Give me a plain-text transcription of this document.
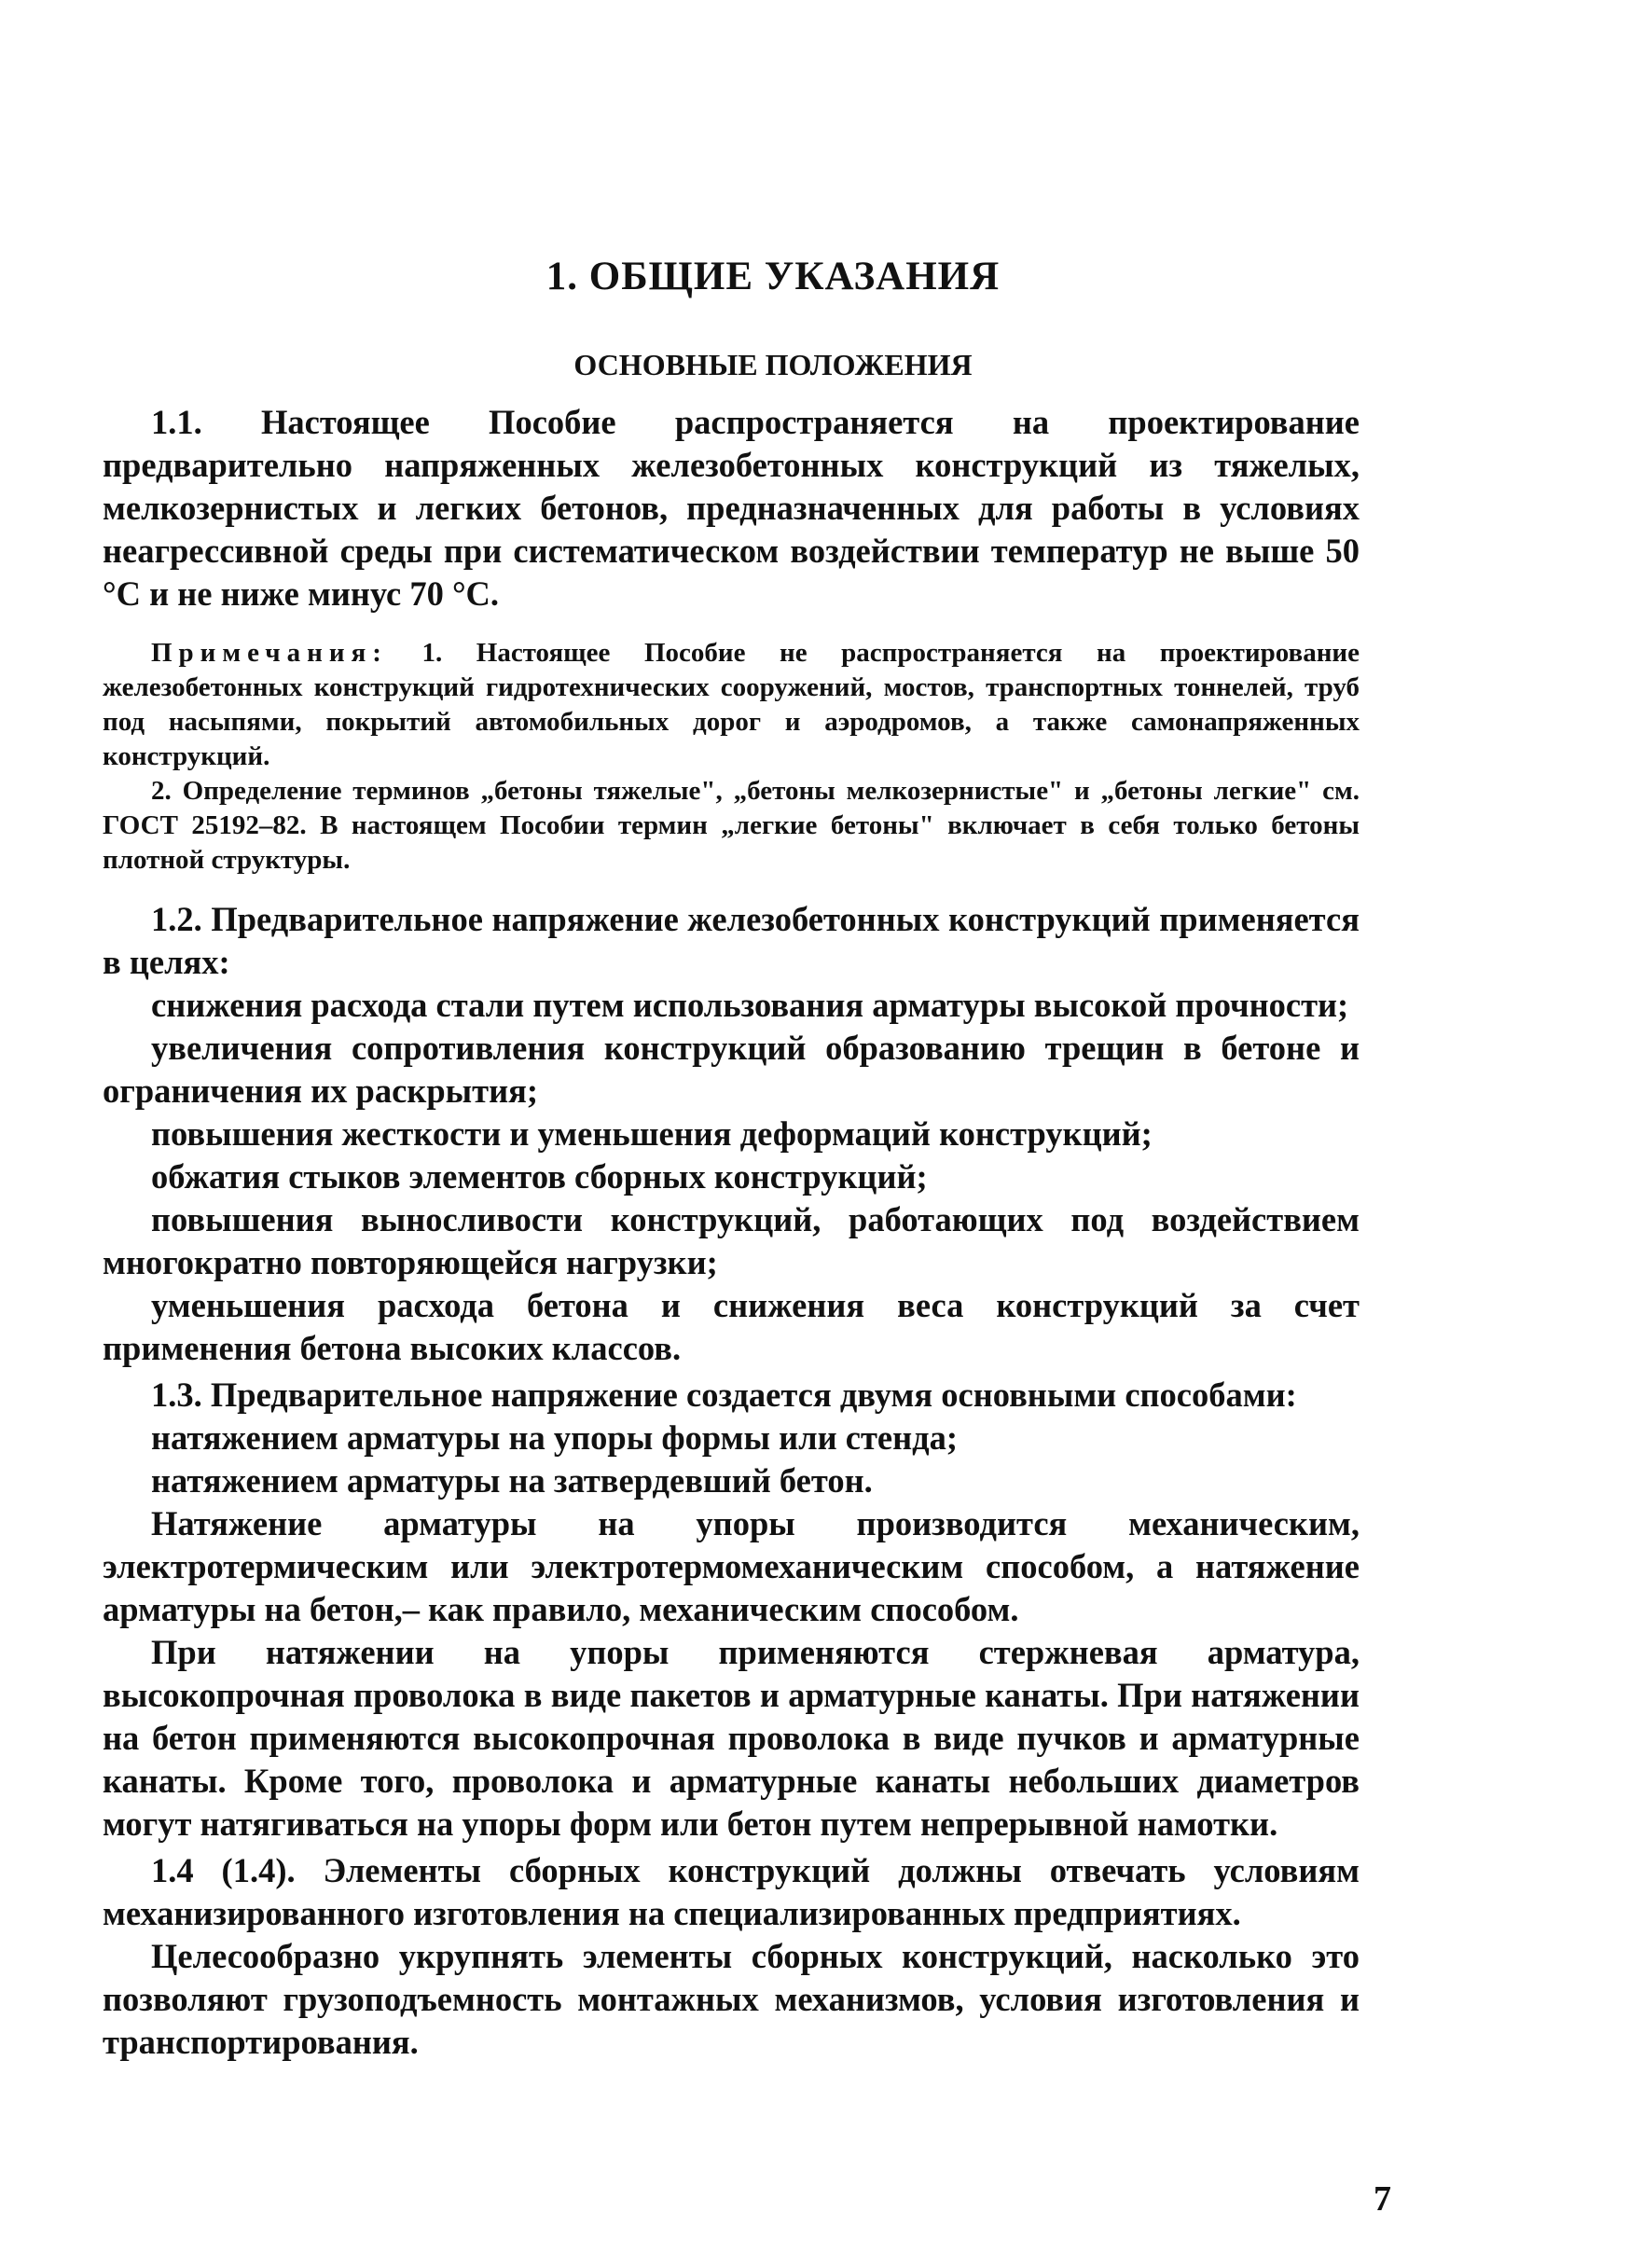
1. ОБЩИЕ УКАЗАНИЯ
ОСНОВНЫЕ ПОЛОЖЕНИЯ

1.1. Настоящее Пособие распространяется на проектирование предварительно напряженных железобетонных конструкций из тяжелых, мелкозернистых и легких бетонов, предназначенных для работы в условиях неагрессивной среды при систематическом воздействии температур не выше 50 °С и не ниже минус 70 °С.

Примечания: 1. Настоящее Пособие не распространяется на проектирование железобетонных конструкций гидротехнических сооружений, мостов, транспортных тоннелей, труб под насыпями, покрытий автомобильных дорог и аэродромов, а также самонапряженных конструкций.
2. Определение терминов „бетоны тяжелые", „бетоны мелкозернистые" и „бетоны легкие" см. ГОСТ 25192–82. В настоящем Пособии термин „легкие бетоны" включает в себя только бетоны плотной структуры.

1.2. Предварительное напряжение железобетонных конструкций применяется в целях:

снижения расхода стали путем использования арматуры высокой прочности;

увеличения сопротивления конструкций образованию трещин в бетоне и ограничения их раскрытия;

повышения жесткости и уменьшения деформаций конструкций;

обжатия стыков элементов сборных конструкций;

повышения выносливости конструкций, работающих под воздействием многократно повторяющейся нагрузки;

уменьшения расхода бетона и снижения веса конструкций за счет применения бетона высоких классов.

1.3. Предварительное напряжение создается двумя основными способами:

натяжением арматуры на упоры формы или стенда;

натяжением арматуры на затвердевший бетон.

Натяжение арматуры на упоры производится механическим, электротермическим или электротермомеханическим способом, а натяжение арматуры на бетон,– как правило, механическим способом.

При натяжении на упоры применяются стержневая арматура, высокопрочная проволока в виде пакетов и арматурные канаты. При натяжении на бетон применяются высокопрочная проволока в виде пучков и арматурные канаты. Кроме того, проволока и арматурные канаты небольших диаметров могут натягиваться на упоры форм или бетон путем непрерывной намотки.

1.4 (1.4). Элементы сборных конструкций должны отвечать условиям механизированного изготовления на специализированных предприятиях.

Целесообразно укрупнять элементы сборных конструкций, насколько это позволяют грузоподъемность монтажных механизмов, условия изготовления и транспортирования.

7
